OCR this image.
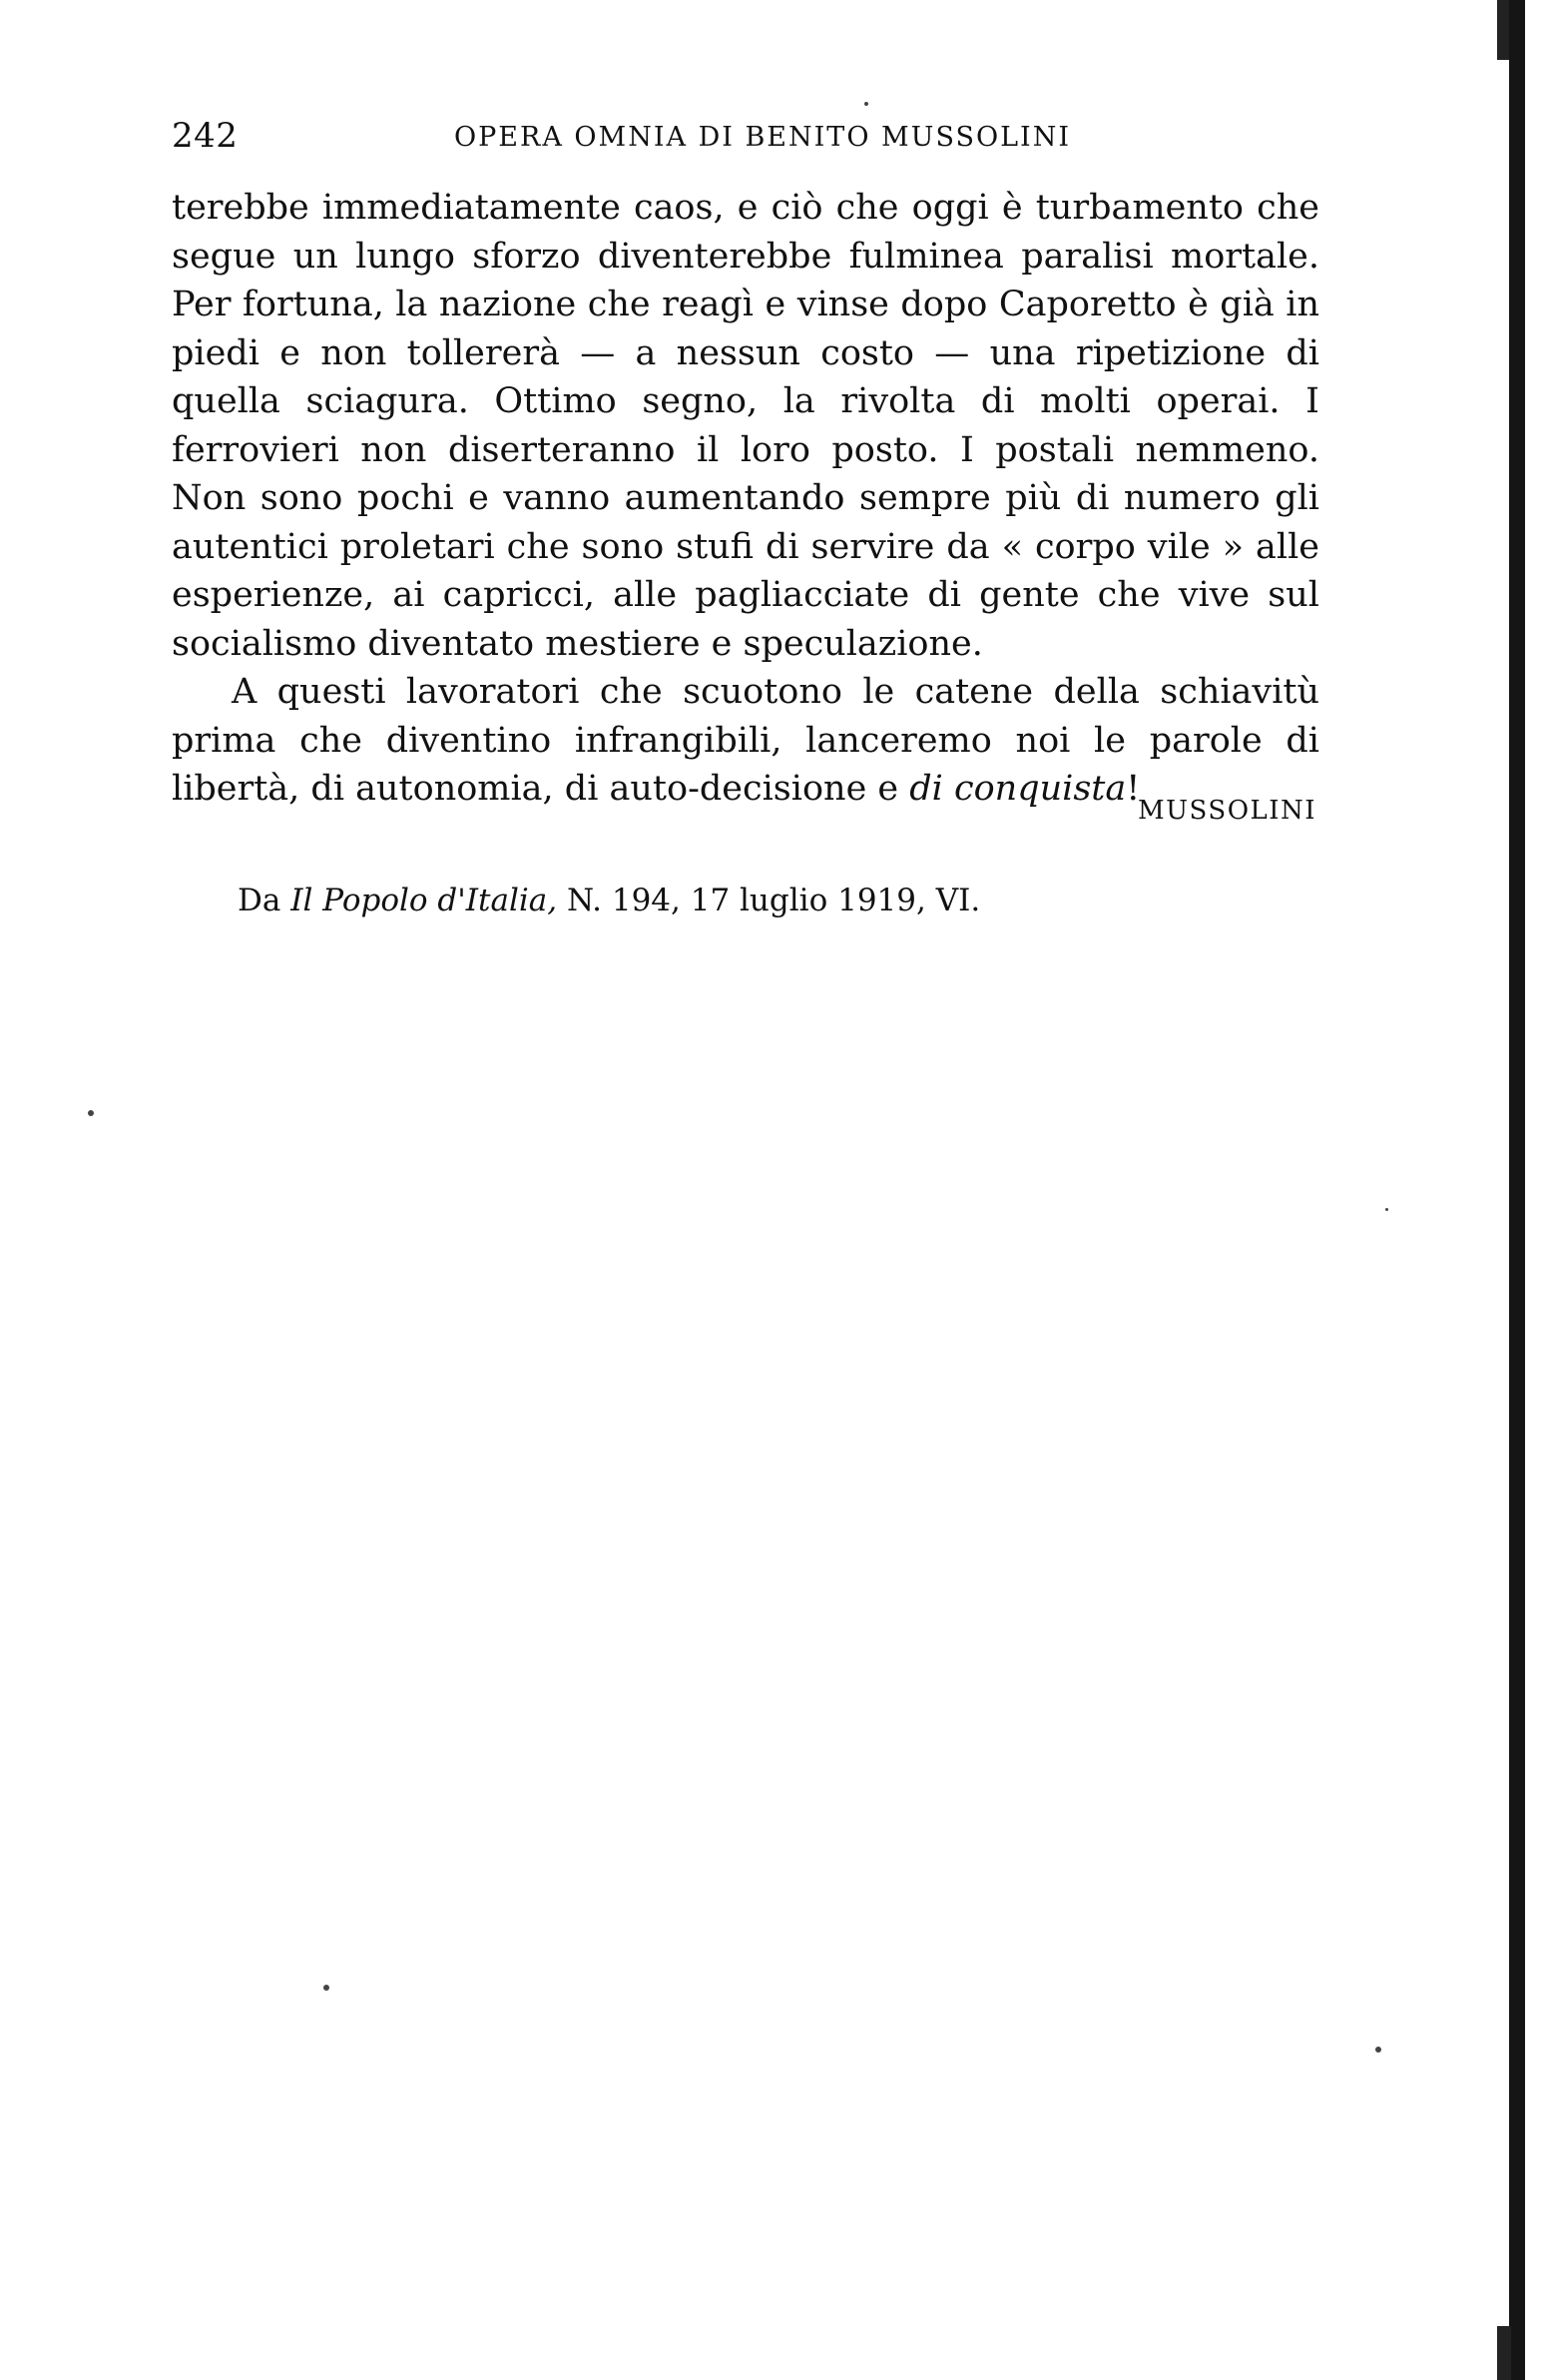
242	OPERA OMNIA DI BENITO MUSSOLINI

terebbe immediatamente caos, e ciò che oggi è turbamento che segue un lungo sforzo diventerebbe fulminea paralisi mortale. Per fortuna, la nazione che reagì e vinse dopo Caporetto è già in piedi e non tollererà — a nessun costo — una ripetizione di quella sciagura. Ottimo segno, la rivolta di molti operai. I ferrovieri non diserteranno il loro posto. I postali nemmeno. Non sono pochi e vanno aumentando sempre più di numero gli autentici proletari che sono stufi di servire da « corpo vile » alle esperienze, ai capricci, alle pagliacciate di gente che vive sul socialismo diventato mestiere e speculazione.

A questi lavoratori che scuotono le catene della schiavitù prima che diventino infrangibili, lanceremo noi le parole di libertà, di autonomia, di auto-decisione e di conquista!

MUSSOLINI
Da Il Popolo d'Italia, N. 194, 17 luglio 1919, VI.
